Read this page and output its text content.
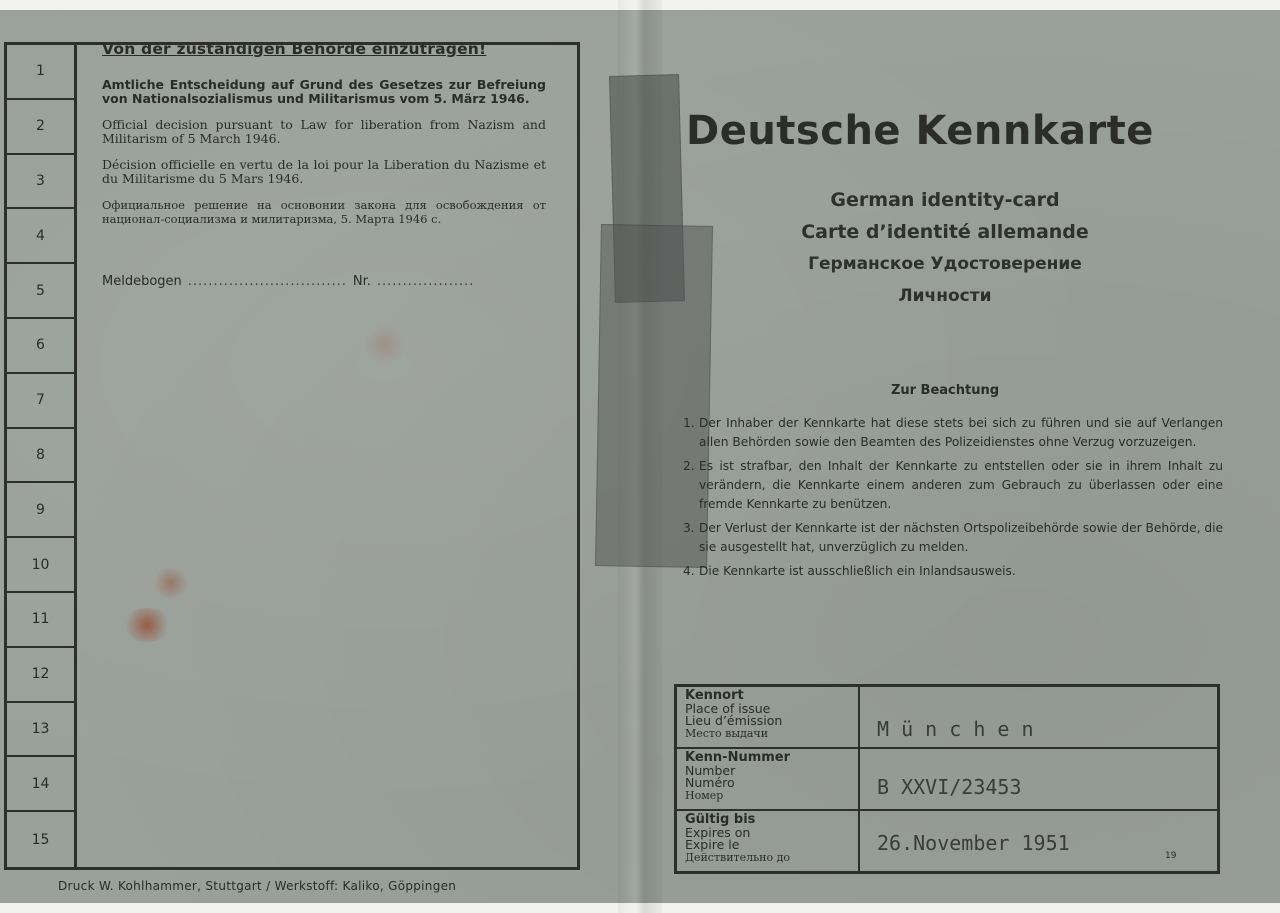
1
2
3
4
5
6
7
8
9
10
11
12
13
14
15
Von der zuständigen Behörde einzutragen!
Amtliche Entscheidung auf Grund des Gesetzes zur Befreiung von Nationalsozialismus und Militarismus vom 5. März 1946.
Official decision pursuant to Law for liberation from Nazism and Militarism of 5 March 1946.
Décision officielle en vertu de la loi pour la Liberation du Nazisme et du Militarisme du 5 Mars 1946.
Официальное решение на основонии закона для освобождения от нациoнал-социализма и милитаризма, 5. Марта 1946 с.
Meldebogen ............................... Nr. ...................
Druck W. Kohlhammer, Stuttgart / Werkstoff: Kaliko, Göppingen
Deutsche Kennkarte
German identity-card
Carte d’identité allemande
Германское Удостоверение
Личности
Zur Beachtung
1. Der Inhaber der Kennkarte hat diese stets bei sich zu führen und sie auf Verlangen allen Behörden sowie den Beamten des Polizeidienstes ohne Verzug vorzuzeigen.
2. Es ist strafbar, den Inhalt der Kennkarte zu entstellen oder sie in ihrem Inhalt zu verändern, die Kennkarte einem anderen zum Gebrauch zu überlassen oder eine fremde Kennkarte zu benützen.
3. Der Verlust der Kennkarte ist der nächsten Ortspolizeibehörde sowie der Behörde, die sie ausgestellt hat, unverzüglich zu melden.
4. Die Kennkarte ist ausschließlich ein Inlandsausweis.
Kennort
Place of issue
Lieu d’émission
Место выдачи	M ü n c h e n
Kenn-Nummer
Number
Numéro
Номер	B XXVI/23453
Gültig bis
Expires on
Expire le
Действительно до
26.November 1951
19
